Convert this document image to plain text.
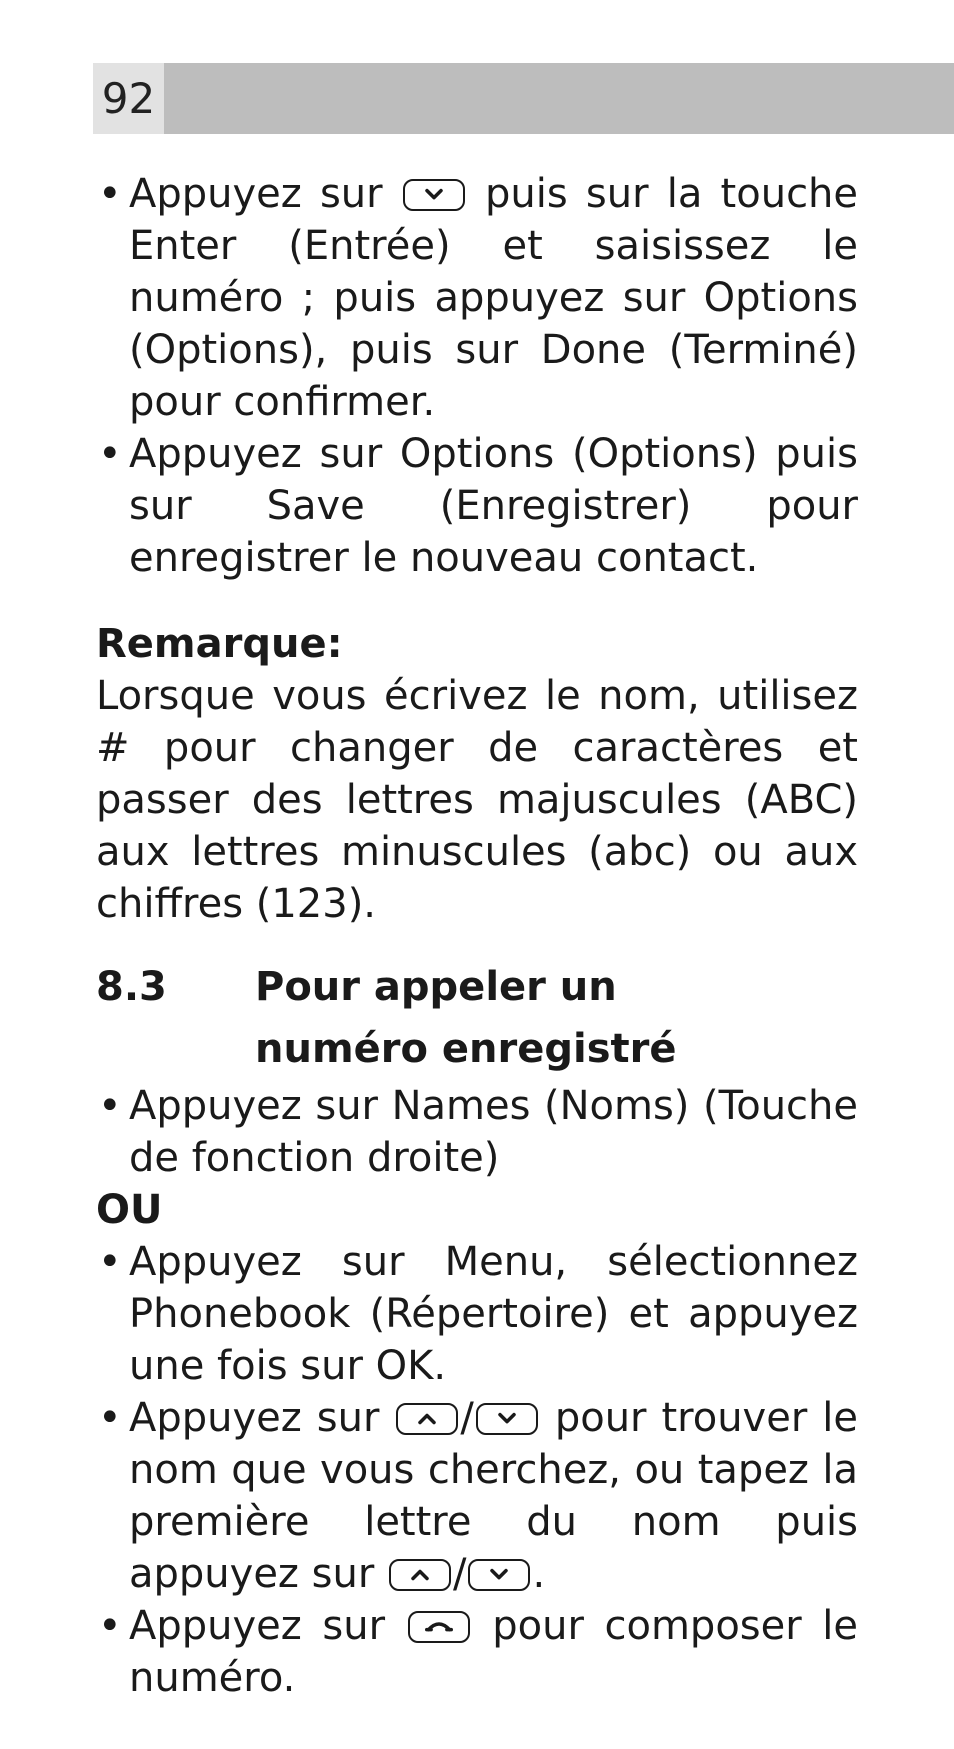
92
• Appuyez sur	puis sur la touche Enter (Entrée) et saisissez le numéro ; puis appuyez sur Options (Options), puis sur Done (Terminé) pour confirmer.
• Appuyez sur Options (Options) puis sur Save (Enregistrer) pour enregistrer le nouveau contact.
Remarque:
Lorsque vous écrivez le nom, utilisez # pour changer de caractères et passer des lettres majuscules (ABC) aux lettres minuscules (abc) ou aux chiffres (123).
8.3	Pour appeler un
numéro enregistré
• Appuyez sur Names (Noms) (Touche de fonction droite)
OU
• Appuyez sur Menu, sélectionnez Phonebook (Répertoire) et appuyez une fois sur OK.
• Appuyez sur / pour trouver le nom que vous cherchez, ou tapez la première lettre du nom puis appuyez sur / .
• Appuyez sur	pour composer le numéro.
